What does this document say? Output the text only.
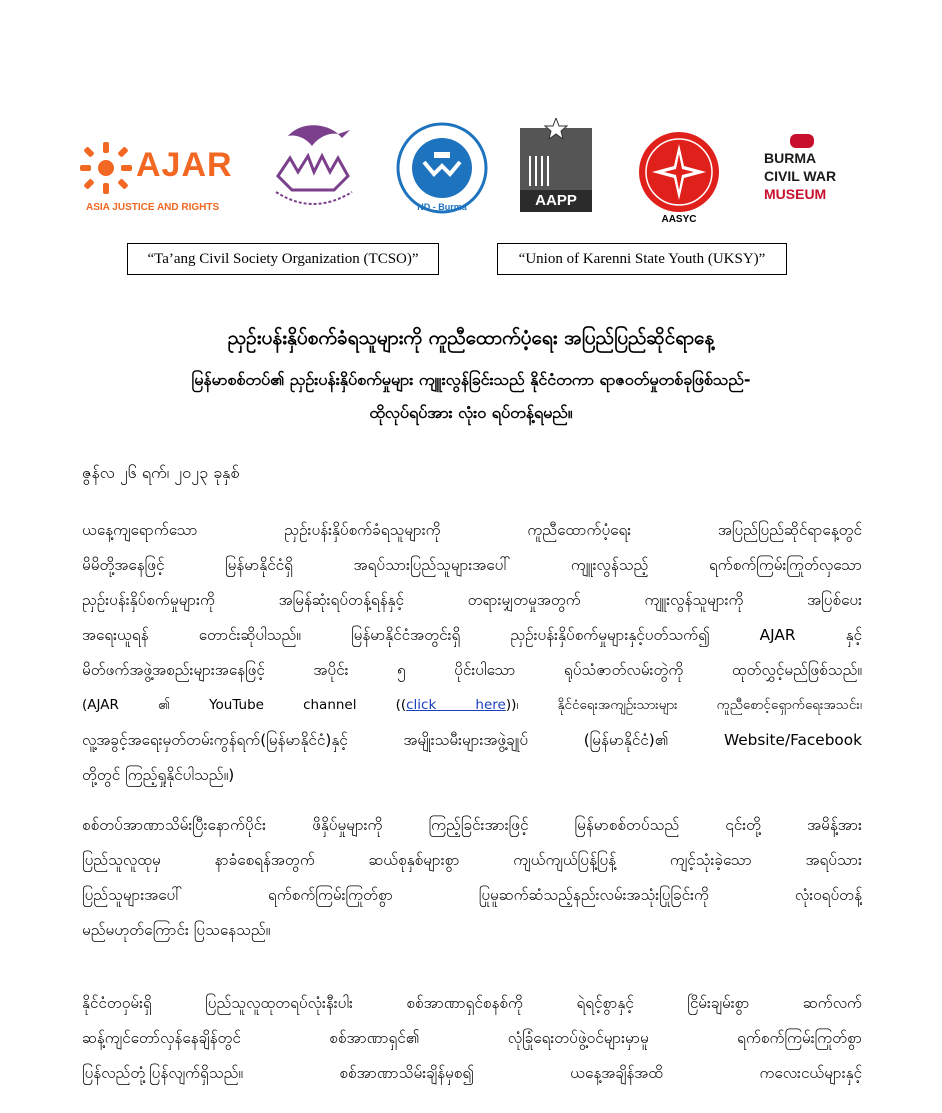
AJAR
ASIA JUSTICE AND RIGHTS	ND - Burma	AAPP
AASYC
BURMA
CIVIL WAR
MUSEUM
“Ta’ang Civil Society Organization (TCSO)”	“Union of Karenni State Youth (UKSY)”
ညှဉ်းပန်းနှိပ်စက်ခံရသူများကို ကူညီထောက်ပံ့ရေး အပြည်ပြည်ဆိုင်ရာနေ့
မြန်မာစစ်တပ်၏ ညှဉ်းပန်းနှိပ်စက်မှုများ ကျူးလွန်ခြင်းသည် နိုင်ငံတကာ ရာဇဝတ်မှုတစ်ခုဖြစ်သည်-
ထိုလုပ်ရပ်အား လုံးဝ ရပ်တန့်ရမည်။
ဇွန်လ ၂၆ ရက်၊ ၂၀၂၃ ခုနှစ်
ယနေ့ကျရောက်သော ညှဉ်းပန်းနှိပ်စက်ခံရသူများကို ကူညီထောက်ပံ့ရေး အပြည်ပြည်ဆိုင်ရာနေ့တွင်
မိမိတို့အနေဖြင့် မြန်မာနိုင်ငံရှိ အရပ်သားပြည်သူများအပေါ် ကျူးလွန်သည့် ရက်စက်ကြမ်းကြုတ်လှသော
ညှဉ်းပန်းနှိပ်စက်မှုများကို အမြန်ဆုံးရပ်တန့်ရန်နှင့် တရားမျှတမှုအတွက် ကျူးလွန်သူများကို အပြစ်ပေး
အရေးယူရန် တောင်းဆိုပါသည်။ မြန်မာနိုင်ငံအတွင်းရှိ ညှဉ်းပန်းနှိပ်စက်မှုများနှင့်ပတ်သက်၍ AJAR နှင့်
မိတ်ဖက်အဖွဲ့အစည်းများအနေဖြင့် အပိုင်း ၅ ပိုင်းပါသော ရုပ်သံဇာတ်လမ်းတွဲကို ထုတ်လွှင့်မည်ဖြစ်သည်။
(AJAR ၏ YouTube channel ((click here))၊ နိုင်ငံရေးအကျဉ်းသားများ ကူညီစောင့်ရှောက်ရေးအသင်း၊
လူ့အခွင့်အရေးမှတ်တမ်းကွန်ရက်(မြန်မာနိုင်ငံ)နှင့် အမျိုးသမီးများအဖွဲ့ချုပ် (မြန်မာနိုင်ငံ)၏ Website/Facebook
တို့တွင် ကြည့်ရှုနိုင်ပါသည်။)
စစ်တပ်အာဏာသိမ်းပြီးနောက်ပိုင်း ဖိနှိပ်မှုများကို ကြည့်ခြင်းအားဖြင့် မြန်မာစစ်တပ်သည် ၎င်းတို့ အမိန့်အား
ပြည်သူလူထုမှ နာခံစေရန်အတွက် ဆယ်စုနှစ်များစွာ ကျယ်ကျယ်ပြန့်ပြန့် ကျင့်သုံးခဲ့သော အရပ်သား
ပြည်သူများအပေါ် ရက်စက်ကြမ်းကြုတ်စွာ ပြုမူဆက်ဆံသည့်နည်းလမ်းအသုံးပြုခြင်းကို လုံးဝရပ်တန့်
မည်မဟုတ်ကြောင်း ပြသနေသည်။
နိုင်ငံတဝှမ်းရှိ ပြည်သူလူထုတရပ်လုံးနီးပါး စစ်အာဏာရှင်စနစ်ကို ရဲရင့်စွာနှင့် ငြိမ်းချမ်းစွာ ဆက်လက်
ဆန့်ကျင်တော်လှန်နေချိန်တွင် စစ်အာဏာရှင်၏ လုံခြုံရေးတပ်ဖွဲ့ဝင်များမှာမူ ရက်စက်ကြမ်းကြုတ်စွာ
ပြန်လည်တုံ့ပြန်လျက်ရှိသည်။ စစ်အာဏာသိမ်းချိန်မှစ၍ ယနေ့အချိန်အထိ ကလေးငယ်များနှင့်
